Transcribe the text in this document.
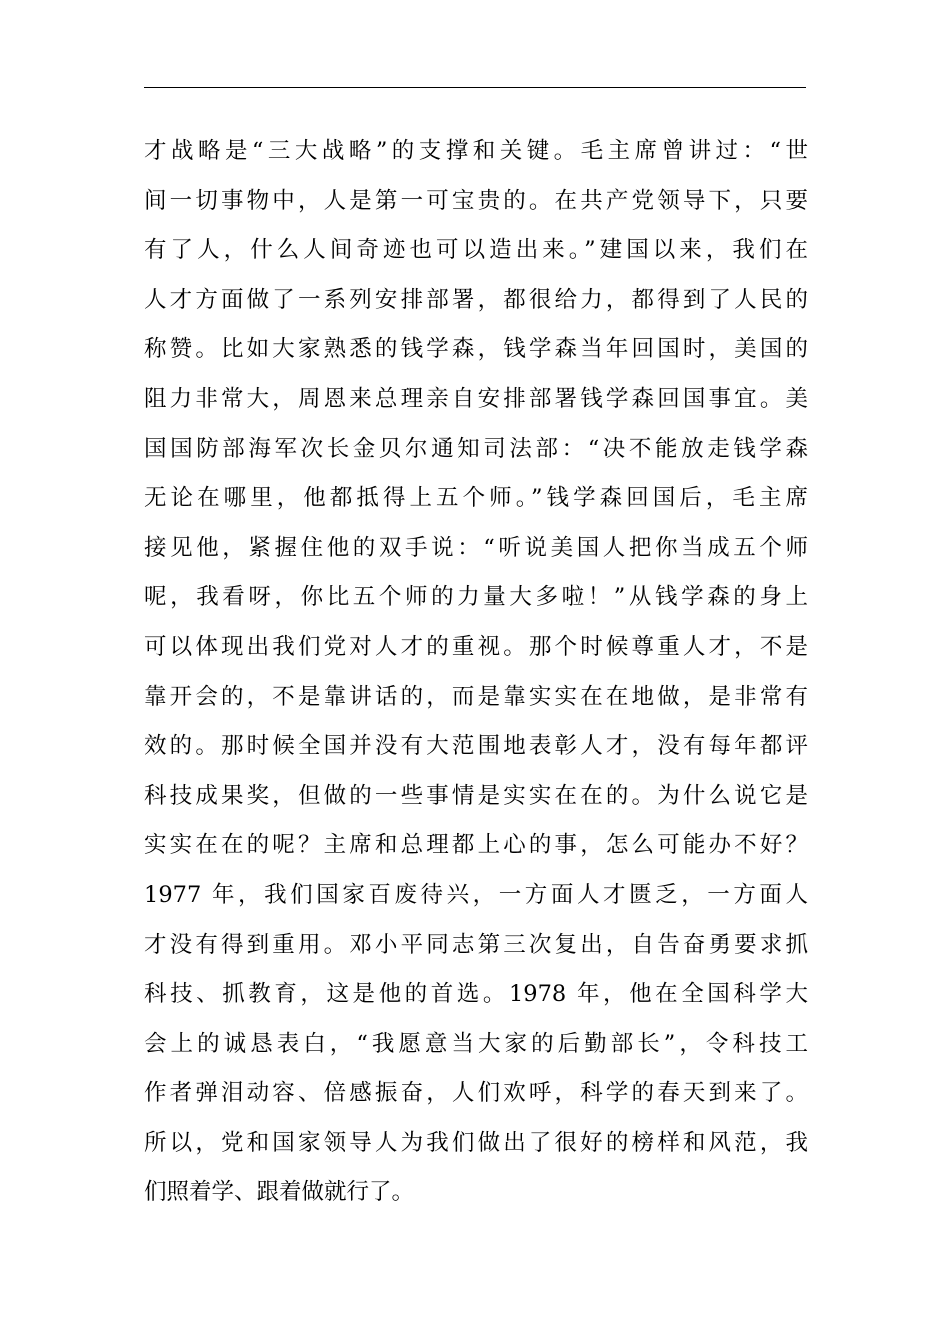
才战略是“三大战略”的支撑和关键。毛主席曾讲过：“世
间一切事物中，人是第一可宝贵的。在共产党领导下，只要
有了人，什么人间奇迹也可以造出来。”建国以来，我们在
人才方面做了一系列安排部署，都很给力，都得到了人民的
称赞。比如大家熟悉的钱学森，钱学森当年回国时，美国的
阻力非常大，周恩来总理亲自安排部署钱学森回国事宜。美
国国防部海军次长金贝尔通知司法部：“决不能放走钱学森
无论在哪里，他都抵得上五个师。”钱学森回国后，毛主席
接见他，紧握住他的双手说：“听说美国人把你当成五个师
呢，我看呀，你比五个师的力量大多啦！”从钱学森的身上
可以体现出我们党对人才的重视。那个时候尊重人才，不是
靠开会的，不是靠讲话的，而是靠实实在在地做，是非常有
效的。那时候全国并没有大范围地表彰人才，没有每年都评
科技成果奖，但做的一些事情是实实在在的。为什么说它是
实实在在的呢？主席和总理都上心的事，怎么可能办不好？
1977 年，我们国家百废待兴，一方面人才匮乏，一方面人
才没有得到重用。邓小平同志第三次复出，自告奋勇要求抓
科技、抓教育，这是他的首选。1978 年，他在全国科学大
会上的诚恳表白，“我愿意当大家的后勤部长”，令科技工
作者弹泪动容、倍感振奋，人们欢呼，科学的春天到来了。
所以，党和国家领导人为我们做出了很好的榜样和风范，我
们照着学、跟着做就行了。
